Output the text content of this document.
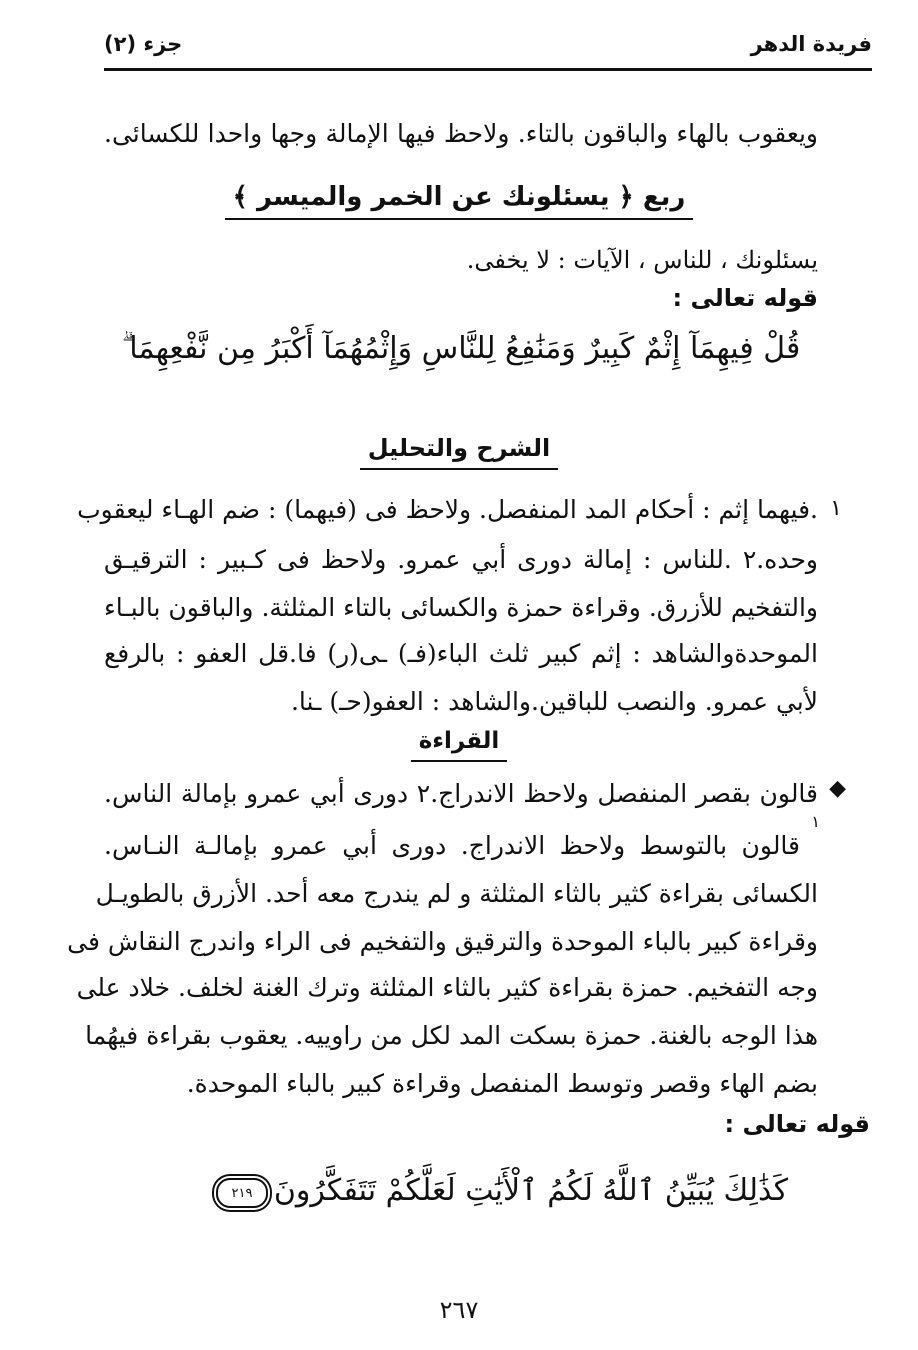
فريدة الدهر
جزء (٢)
ويعقوب بالهاء والباقون بالتاء. ولاحظ فيها الإمالة وجها واحدا للكسائى.
ربع ﴿ يسئلونك عن الخمر والميسر ﴾
يسئلونك ، للناس ، الآيات : لا يخفى.
قوله تعالى :
قُلْ فِيهِمَآ إِثْمٌ كَبِيرٌ وَمَنَٰفِعُ لِلنَّاسِ وَإِثْمُهُمَآ أَكْبَرُ مِن نَّفْعِهِمَا ۗ
الشرح والتحليل
١
.فيهما إثم : أحكام المد المنفصل. ولاحظ فى (فيهما) : ضم الهـاء ليعقوب
وحده.٢ .للناس : إمالة دورى أبي عمرو. ولاحظ فى كـبير : الترقيـق
والتفخيم للأزرق. وقراءة حمزة والكسائى بالتاء المثلثة. والباقون بالبـاء
الموحدةوالشاهد : إثم كبير ثلث الباء(فـ) ـى(ر) فا.قل العفو : بالرفع
لأبي عمرو. والنصب للباقين.والشاهد : العفو(حـ) ـنا.
القراءة
◆
قالون بقصر المنفصل ولاحظ الاندراج.٢ دورى أبي عمرو بإمالة الناس.
١
قالون بالتوسط ولاحظ الاندراج. دورى أبي عمرو بإمالـة النـاس.
الكسائى بقراءة كثير بالثاء المثلثة و لم يندرج معه أحد. الأزرق بالطويـل
وقراءة كبير بالباء الموحدة والترقيق والتفخيم فى الراء واندرج النقاش فى
وجه التفخيم. حمزة بقراءة كثير بالثاء المثلثة وترك الغنة لخلف. خلاد على
هذا الوجه بالغنة. حمزة بسكت المد لكل من راوييه. يعقوب بقراءة فيهُما
بضم الهاء وقصر وتوسط المنفصل وقراءة كبير بالباء الموحدة.
قوله تعالى :
كَذَٰلِكَ يُبَيِّنُ ٱللَّهُ لَكُمُ ٱلْأَيَٰتِ لَعَلَّكُمْ تَتَفَكَّرُونَ
٢١٩
٢٦٧
